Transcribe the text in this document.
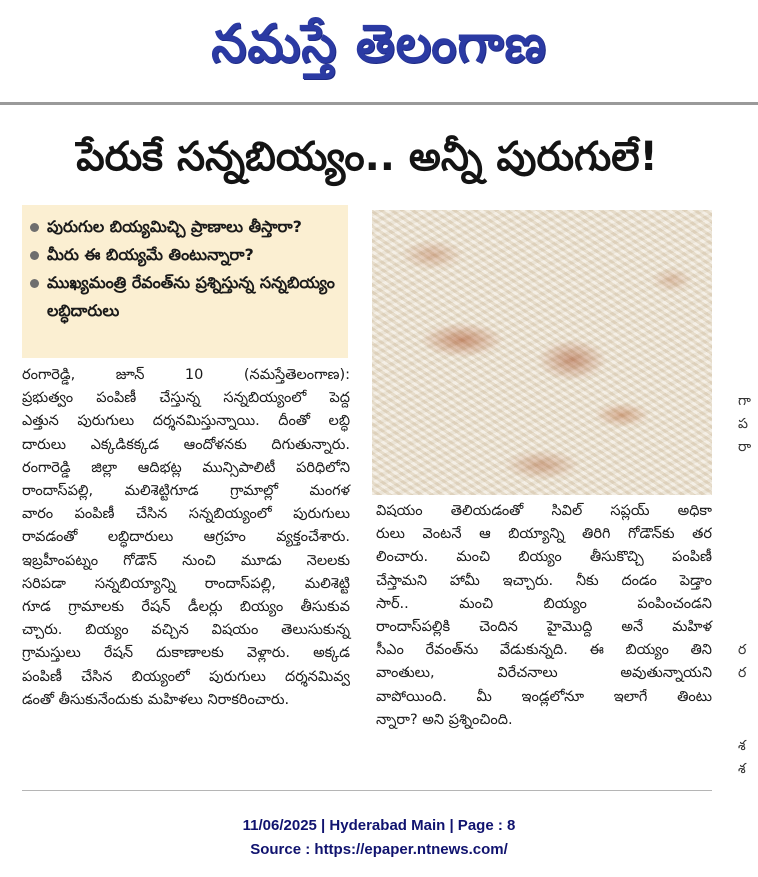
నమస్తే తెలంగాణ
పేరుకే సన్నబియ్యం.. అన్నీ పురుగులే!
పురుగుల బియ్యమిచ్చి ప్రాణాలు తీస్తారా?
మీరు ఈ బియ్యమే తింటున్నారా?
ముఖ్యమంత్రి రేవంత్‌ను ప్రశ్నిస్తున్న సన్నబియ్యం లబ్ధిదారులు
రంగారెడ్డి, జూన్ 10 (నమస్తేతెలంగాణ):
ప్రభుత్వం పంపిణీ చేస్తున్న సన్నబియ్యంలో పెద్ద
ఎత్తున పురుగులు దర్శనమిస్తున్నాయి. దీంతో లబ్ధి
దారులు ఎక్కడికక్కడ ఆందోళనకు దిగుతున్నారు.
రంగారెడ్డి జిల్లా ఆదిభట్ల మున్సిపాలిటీ పరిధిలోని
రాందాస్‌పల్లి, మలిశెట్టిగూడ గ్రామాల్లో మంగళ
వారం పంపిణీ చేసిన సన్నబియ్యంలో పురుగులు
రావడంతో లబ్ధిదారులు ఆగ్రహం వ్యక్తంచేశారు.
ఇబ్రహీంపట్నం గోడౌన్ నుంచి మూడు నెలలకు
సరిపడా సన్నబియ్యాన్ని రాందాస్‌పల్లి, మలిశెట్టి
గూడ గ్రామాలకు రేషన్ డీలర్లు బియ్యం తీసుకువ
చ్చారు. బియ్యం వచ్చిన విషయం తెలుసుకున్న
గ్రామస్తులు రేషన్ దుకాణాలకు వెళ్లారు. అక్కడ
పంపిణీ చేసిన బియ్యంలో పురుగులు దర్శనమివ్వ
డంతో తీసుకునేందుకు మహిళలు నిరాకరించారు.
విషయం తెలియడంతో సివిల్ సప్లయ్ అధికా
రులు వెంటనే ఆ బియ్యాన్ని తిరిగి గోడౌన్‌కు తర
లించారు. మంచి బియ్యం తీసుకొచ్చి పంపిణీ
చేస్తామని హామీ ఇచ్చారు. నీకు దండం పెడ్తాం
సార్.. మంచి బియ్యం పంపించండని
రాందాస్‌పల్లికి చెందిన హైమొద్ది అనే మహిళ
సీఎం రేవంత్‌ను వేడుకున్నది. ఈ బియ్యం తిని
వాంతులు, విరేచనాలు అవుతున్నాయని
వాపోయింది. మీ ఇండ్లలోనూ ఇలాగే తింటు
న్నారా? అని ప్రశ్నించింది.
గా
ప
రా
ర
ర
శ
శ
11/06/2025 | Hyderabad Main | Page : 8
Source : https://epaper.ntnews.com/
